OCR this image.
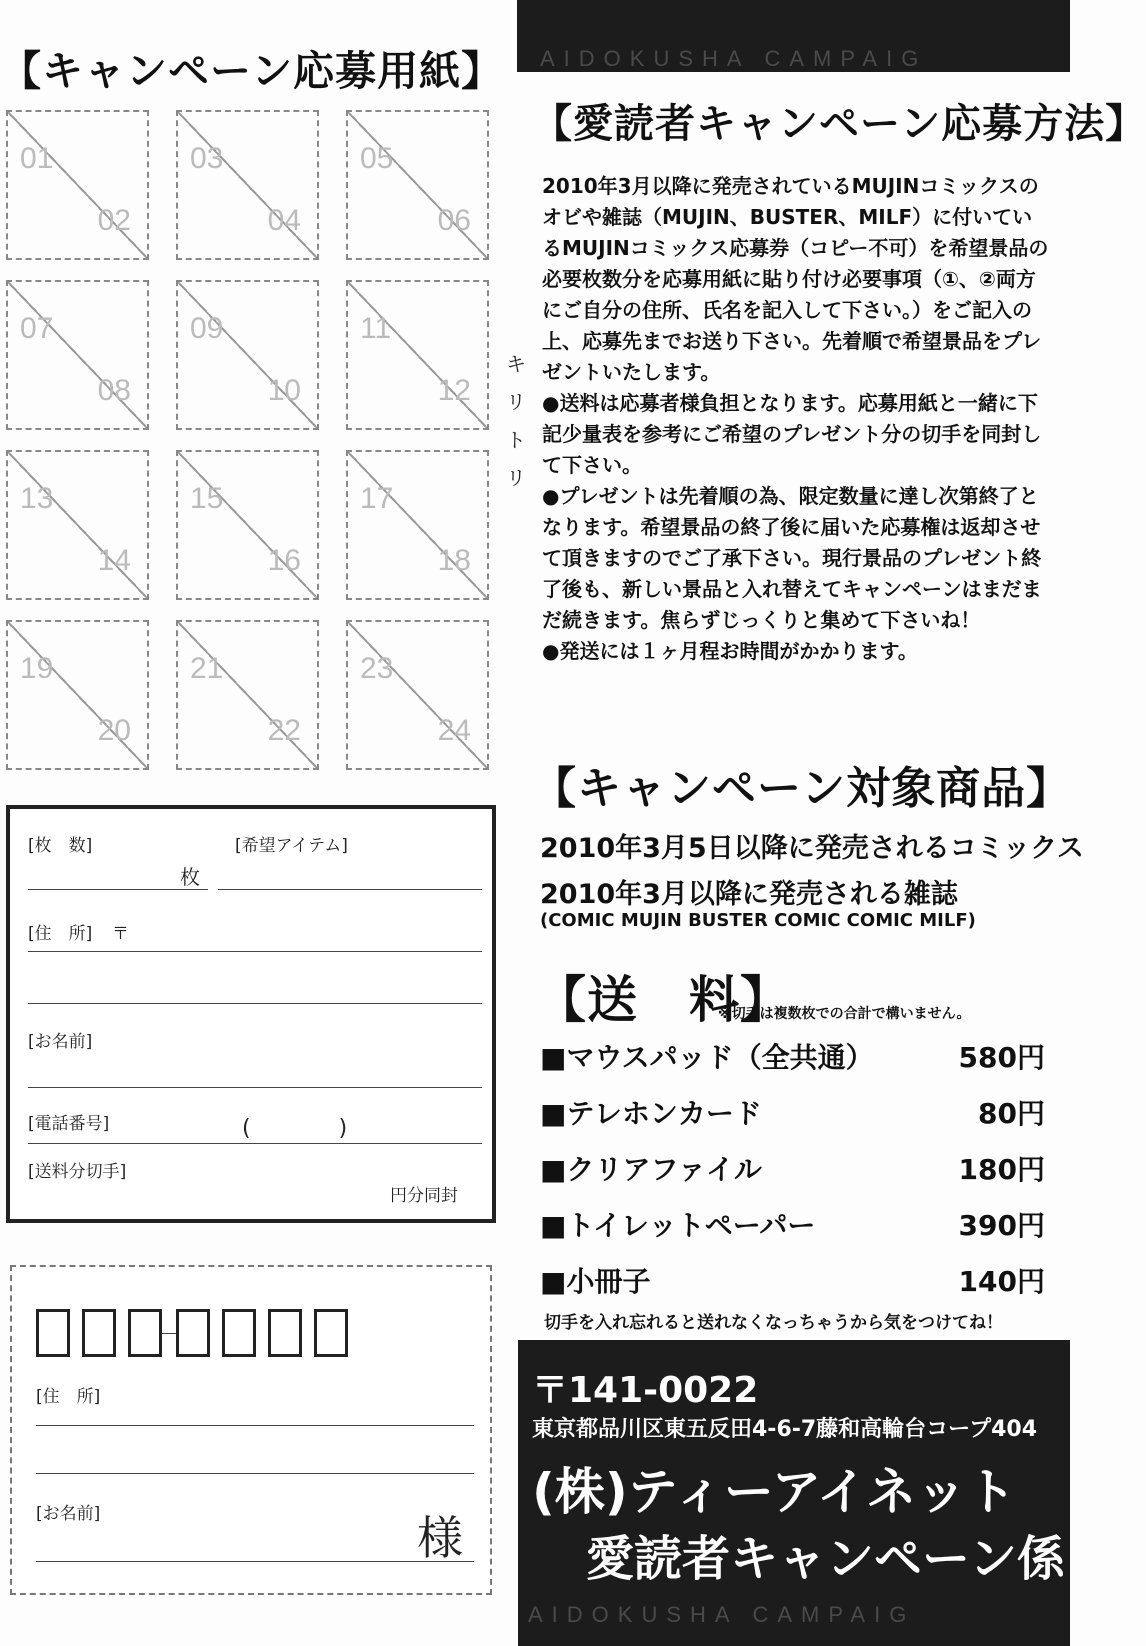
【キャンペーン応募用紙】
01
02
03
04
05
06
07
08
09
10
11
12
13
14
15
16
17
18
19
20
21
22
23
24
キ
リ
ト
リ
[枚　数]	[希望アイテム]
枚
[住　所] 〒
[お名前]
[電話番号]	(　　　　)
[送料分切手]
円分同封
[住　所]
[お名前]	様
AIDOKUSHA CAMPAIG
【愛読者キャンペーン応募方法】

2010年3月以降に発売されているMUJINコミックスのオビや雑誌（MUJIN、BUSTER、MILF）に付いているMUJINコミックス応募券（コピー不可）を希望景品の必要枚数分を応募用紙に貼り付け必要事項（①、②両方にご自分の住所、氏名を記入して下さい。）をご記入の上、応募先までお送り下さい。先着順で希望景品をプレゼントいたします。

●送料は応募者様負担となります。応募用紙と一緒に下記少量表を参考にご希望のプレゼント分の切手を同封して下さい。

●プレゼントは先着順の為、限定数量に達し次第終了となります。希望景品の終了後に届いた応募権は返却させて頂きますのでご了承下さい。現行景品のプレゼント終了後も、新しい景品と入れ替えてキャンペーンはまだまだ続きます。焦らずじっくりと集めて下さいね！

●発送には１ヶ月程お時間がかかります。

【キャンペーン対象商品】
2010年3月5日以降に発売されるコミックス
2010年3月以降に発売される雑誌
(COMIC MUJIN BUSTER COMIC COMIC MILF)
【送　料】
※切手は複数枚での合計で構いません。
■マウスパッド（全共通）	580円
■テレホンカード	80円
■クリアファイル	180円
■トイレットペーパー	390円
■小冊子	140円
切手を入れ忘れると送れなくなっちゃうから気をつけてね！
〒141-0022
東京都品川区東五反田4-6-7藤和高輪台コープ404
(株)ティーアイネット
愛読者キャンペーン係
AIDOKUSHA CAMPAIG
